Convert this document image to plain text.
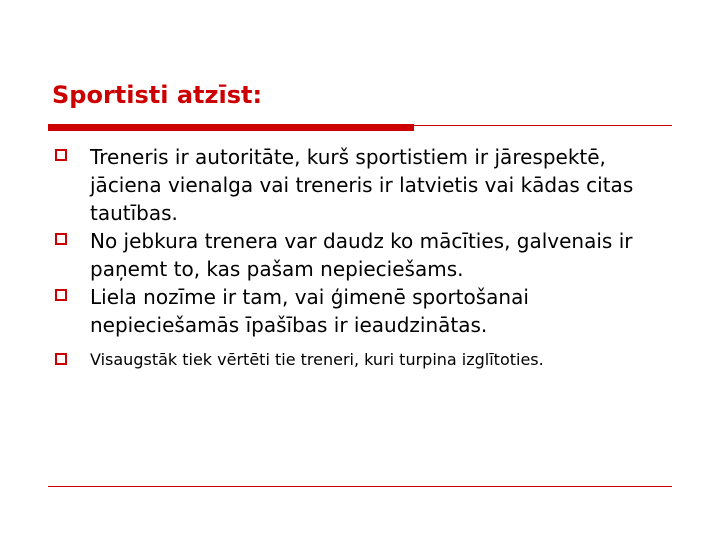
Sportisti atzīst:
Treneris ir autoritāte, kurš sportistiem ir jārespektē, jāciena vienalga vai treneris ir latvietis vai kādas citas tautības.
No jebkura trenera var daudz ko mācīties, galvenais ir paņemt to, kas pašam nepieciešams.
Liela nozīme ir tam, vai ģimenē sportošanai nepieciešamās īpašības ir ieaudzinātas.
Visaugstāk tiek vērtēti tie treneri, kuri turpina izglītoties.
